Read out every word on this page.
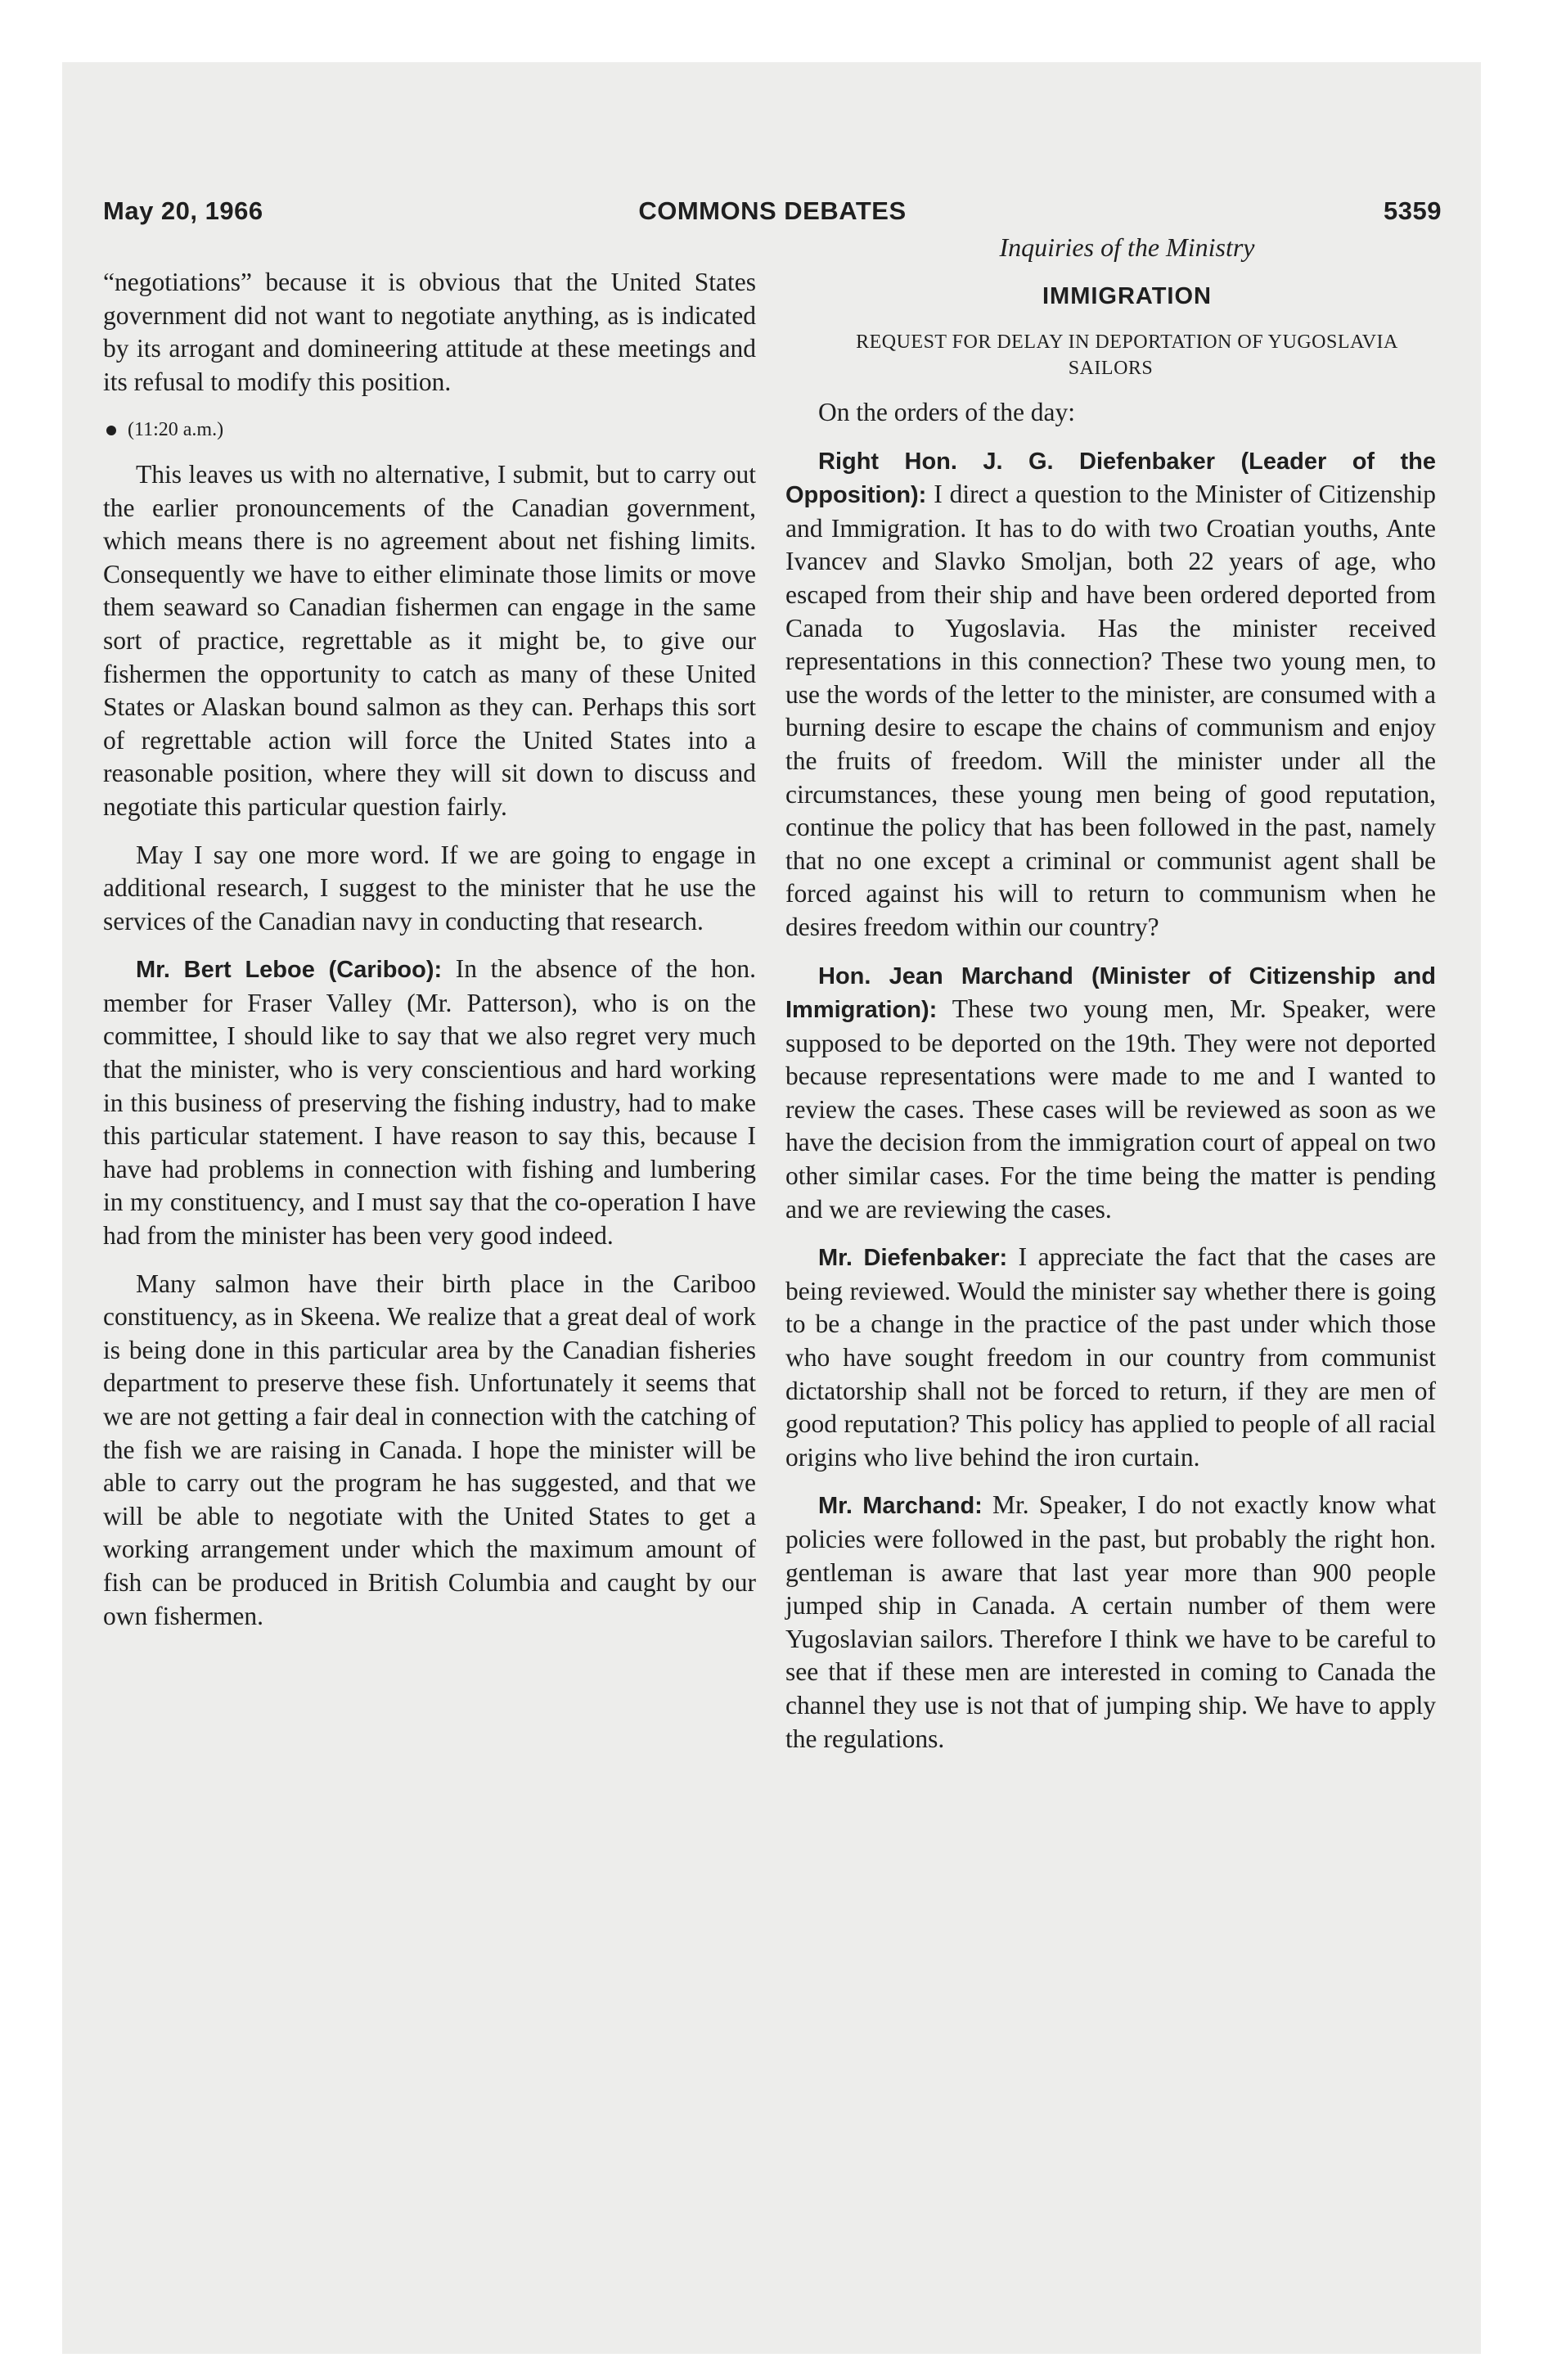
May 20, 1966	COMMONS DEBATES	5359

“negotiations” because it is obvious that the United States government did not want to negotiate anything, as is indicated by its arrogant and domineering attitude at these meetings and its refusal to modify this position.

(11:20 a.m.)

This leaves us with no alternative, I submit, but to carry out the earlier pronouncements of the Canadian government, which means there is no agreement about net fishing limits. Consequently we have to either eliminate those limits or move them seaward so Canadian fishermen can engage in the same sort of practice, regrettable as it might be, to give our fishermen the opportunity to catch as many of these United States or Alaskan bound salmon as they can. Perhaps this sort of regrettable action will force the United States into a reasonable position, where they will sit down to discuss and negotiate this particular question fairly.

May I say one more word. If we are going to engage in additional research, I suggest to the minister that he use the services of the Canadian navy in conducting that research.

Mr. Bert Leboe (Cariboo): In the absence of the hon. member for Fraser Valley (Mr. Patterson), who is on the committee, I should like to say that we also regret very much that the minister, who is very conscientious and hard working in this business of preserving the fishing industry, had to make this particular statement. I have reason to say this, because I have had problems in connection with fishing and lumbering in my constituency, and I must say that the co-operation I have had from the minister has been very good indeed.

Many salmon have their birth place in the Cariboo constituency, as in Skeena. We realize that a great deal of work is being done in this particular area by the Canadian fisheries department to preserve these fish. Unfortunately it seems that we are not getting a fair deal in connection with the catching of the fish we are raising in Canada. I hope the minister will be able to carry out the program he has suggested, and that we will be able to negotiate with the United States to get a working arrangement under which the maximum amount of fish can be produced in British Columbia and caught by our own fishermen.

Inquiries of the Ministry

IMMIGRATION

REQUEST FOR DELAY IN DEPORTATION OF YUGOSLAVIA SAILORS

On the orders of the day:

Right Hon. J. G. Diefenbaker (Leader of the Opposition): I direct a question to the Minister of Citizenship and Immigration. It has to do with two Croatian youths, Ante Ivancev and Slavko Smoljan, both 22 years of age, who escaped from their ship and have been ordered deported from Canada to Yugoslavia. Has the minister received representations in this connection? These two young men, to use the words of the letter to the minister, are consumed with a burning desire to escape the chains of communism and enjoy the fruits of freedom. Will the minister under all the circumstances, these young men being of good reputation, continue the policy that has been followed in the past, namely that no one except a criminal or communist agent shall be forced against his will to return to communism when he desires freedom within our country?

Hon. Jean Marchand (Minister of Citizenship and Immigration): These two young men, Mr. Speaker, were supposed to be deported on the 19th. They were not deported because representations were made to me and I wanted to review the cases. These cases will be reviewed as soon as we have the decision from the immigration court of appeal on two other similar cases. For the time being the matter is pending and we are reviewing the cases.

Mr. Diefenbaker: I appreciate the fact that the cases are being reviewed. Would the minister say whether there is going to be a change in the practice of the past under which those who have sought freedom in our country from communist dictatorship shall not be forced to return, if they are men of good reputation? This policy has applied to people of all racial origins who live behind the iron curtain.

Mr. Marchand: Mr. Speaker, I do not exactly know what policies were followed in the past, but probably the right hon. gentleman is aware that last year more than 900 people jumped ship in Canada. A certain number of them were Yugoslavian sailors. Therefore I think we have to be careful to see that if these men are interested in coming to Canada the channel they use is not that of jumping ship. We have to apply the regulations.
